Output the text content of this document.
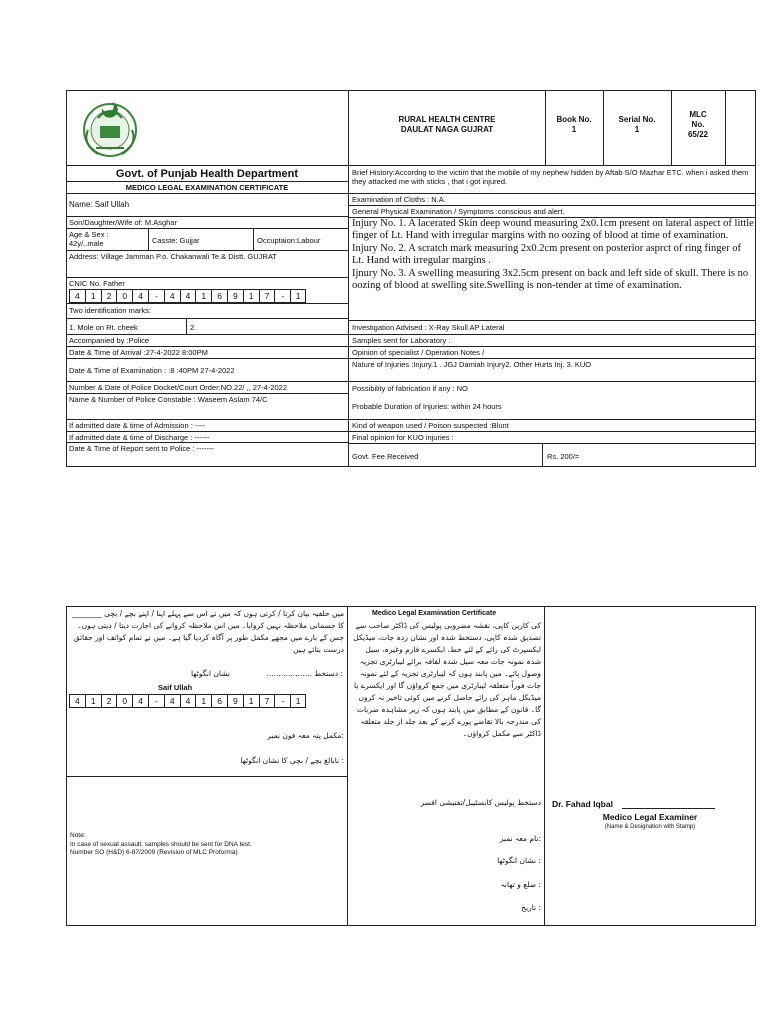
RURAL HEALTH CENTRE
DAULAT NAGA GUJRAT
Book No.
1
Serial No.
1
MLC
No.
65/22
Govt. of Punjab Health Department
MEDICO LEGAL EXAMINATION CERTIFICATE
Name: Saif Ullah
Son/Daughter/Wife of: M.Asghar
Age & Sex :
42y/..male	Casste: Gujjar	Occuptaion:Labour
Address: Village Jamman P.o. Chakanwali Te.& Distt. GUJRAT
CNIC No. Father
4	1	2	0	4	-	4	4	1	6	9	1	7	-	1
Two identification marks:
1. Mole on Rt. cheek	2.
Accompanied by :Police
Date & Time of Arrival :27-4-2022 8:00PM
Date & Time of Examination : :8 :40PM 27-4-2022
Number & Date of Police Docket/Court Order:NO.22/ ,, 27-4-2022
Name & Number of Police Constable : Waseem Aslam 74/C
If admitted date & time of Admission : ----
If admitted date & time of Discharge : ------
Date & Time of Report sent to Police : -------
Brief History:Accordng to the victim that the mobile of my nephew hidden by Aftab S/O Mazhar ETC. when i asked them they attacked me with sticks , that i got injured.
Examination of Cloths : N.A.
General Physical Examination / Symptoms :conscious and alert.
Injury No. 1. A lacerated Skin deep wound measuring 2x0.1cm present on lateral aspect of little finger of Lt. Hand with irregular margins with no oozing of blood at time of examination.
Injury No. 2. A scratch mark measuring 2x0.2cm present on posterior asprct of ring finger of Lt. Hand with irregular margins .
Ijnury No. 3. A swelling measuring 3x2.5cm present on back and left side of skull. There is no oozing of blood at swelling site.Swelling is non-tender at time of examination.
Investigation Advised : X-Ray Skull AP Lateral
Samples sent for Laboratory .
Opinion of specialist / Operation Notes /
Nature of Injuries :Injury.1 . JGJ Damiah Injury2. Other Hurts Inj. 3. KUO
Possibility of fabrication if any : NO
Probable Duration of Injuries: within 24 hours
Kind of weapon used / Poison suspected :Blunt
Final opinion for KUO injuries :
Govt. Fee Received	Rs. 200/=
میں حلفیہ بیان کرتا / کرتی ہوں کہ میں نے اس سے پہلے اپنا / اپنے بچے / بچی ________ کا جسمانی ملاحظہ نہیں کروایا۔ میں اس ملاحظہ کروانے کی اجازت دیتا / دیتی ہوں۔ جس کے بارے میں مجھے مکمل طور پر آگاہ کردیا گیا ہے۔ میں نے تمام کوائف اور حقائق درست بتائے ہیں
: دستخط ...................
نشان انگوٹھا
Saif Ullah
4	1	2	0	4	-	4	4	1	6	9	1	7	-	1
:مکمل پتہ معہ فون نمبر
: نابالغ بچے / بچی کا نشان انگوٹھا
Note:
In case of sexual assault, samples should be sent for DNA test.
Number SO (H&D) 6-87/2009 (Revision of MLC Proforma)
Medico Legal Examination Certificate
کی کاربن کاپی، نقشہ مضروبی پولیس کی ڈاکٹر صاحب سے تصدیق شدہ کاپی، دستخط شدہ اور نشان زدہ جات، میڈیکل ایکسپرٹ کی رائے کے لئے خط، ایکسرے فارم وغیرہ، سیل شدہ نمونہ جات معہ سیل شدہ لفافہ برائے لیبارٹری تجزیہ وصول پائے۔ میں پابند ہوں کہ لیبارٹری تجزیہ کے لئے نمونہ جات فوراً متعلقہ لیبارٹری میں جمع کرواؤں گا اور ایکسرے یا میڈیکل ماہر کی رائے حاصل کرنے میں کوئی تاخیر نہ کروں گا۔ قانون کے مطابق میں پابند ہوں کہ زیر مشاہدہ ضربات کی مندرجہ بالا تقاضے پورے کرنے کے بعد جلد از جلد متعلقہ ڈاکٹر سے مکمل کرواؤں۔
دستخط پولیس کانسٹیبل/تفتیشی افسر
:نام معہ نمبر
: نشان انگوٹھا
: ضلع و تھانہ
: تاریخ
Dr. Fahad Iqbal
Medico Legal Examiner
(Name & Designation with Stamp)
